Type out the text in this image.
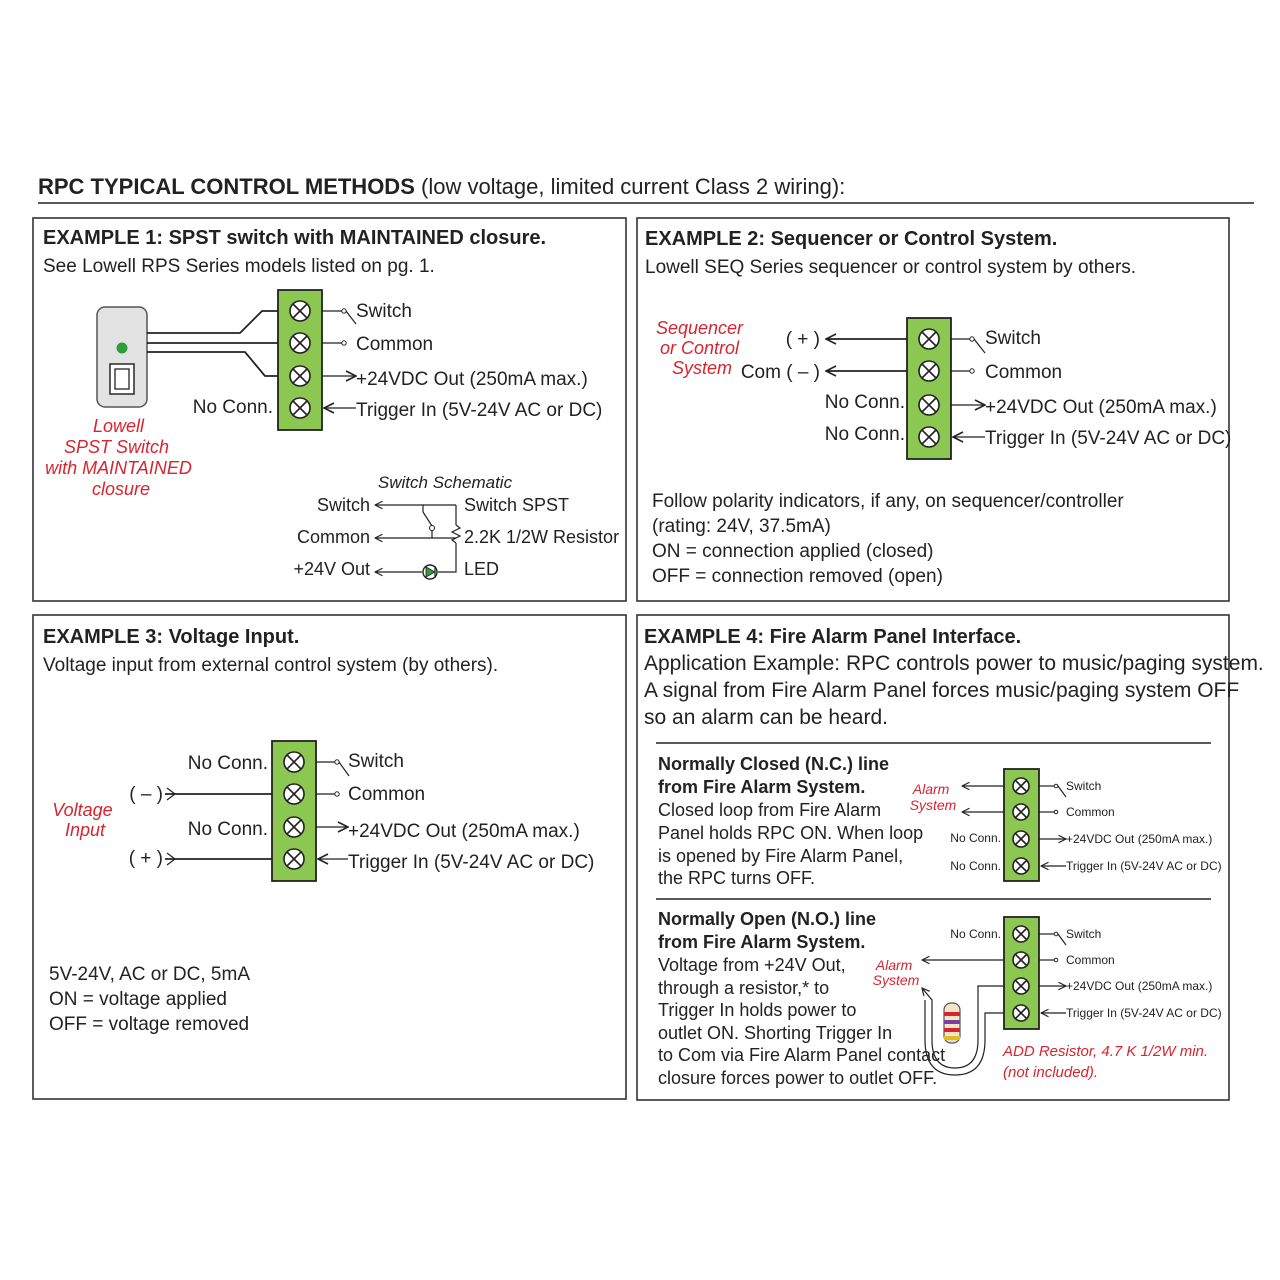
RPC TYPICAL CONTROL METHODS (low voltage, limited current Class 2 wiring):
EXAMPLE 1: SPST switch with MAINTAINED closure.
See Lowell RPS Series models listed on pg. 1.
Lowell SPST Switch with MAINTAINED closure
Switch
Common
+24VDC Out (250mA max.)
Trigger In (5V-24V AC or DC)
No Conn.
Switch Schematic
Switch
Common
+24V Out
Switch SPST
2.2K 1/2W Resistor
LED
EXAMPLE 2: Sequencer or Control System.
Lowell SEQ Series sequencer or control system by others.
Sequencer or Control System
( + )
Com ( – )
No Conn.
No Conn.
Switch
Common
+24VDC Out (250mA max.)
Trigger In (5V-24V AC or DC)
Follow polarity indicators, if any, on sequencer/controller (rating: 24V, 37.5mA) ON = connection applied (closed) OFF = connection removed (open)
EXAMPLE 3: Voltage Input.
Voltage input from external control system (by others).
Voltage Input
No Conn.
No Conn.
( – )
( + )
Switch
Common
+24VDC Out (250mA max.)
Trigger In (5V-24V AC or DC)
5V-24V, AC or DC, 5mA ON = voltage applied OFF = voltage removed
EXAMPLE 4: Fire Alarm Panel Interface.
Application Example: RPC controls power to music/paging system. A signal from Fire Alarm Panel forces music/paging system OFF so an alarm can be heard.
Normally Closed (N.C.) line from Fire Alarm System.
Closed loop from Fire Alarm Panel holds RPC ON. When loop is opened by Fire Alarm Panel, the RPC turns OFF.
Alarm System
No Conn.
No Conn.
Switch
Common
+24VDC Out (250mA max.)
Trigger In (5V-24V AC or DC)
Normally Open (N.O.) line from Fire Alarm System.
Voltage from +24V Out, through a resistor,* to Trigger In holds power to outlet ON. Shorting Trigger In to Com via Fire Alarm Panel contact closure forces power to outlet OFF.
Alarm System
No Conn.	Switch
Common
+24VDC Out (250mA max.)
Trigger In (5V-24V AC or DC)
ADD Resistor, 4.7 K 1/2W min. (not included).
